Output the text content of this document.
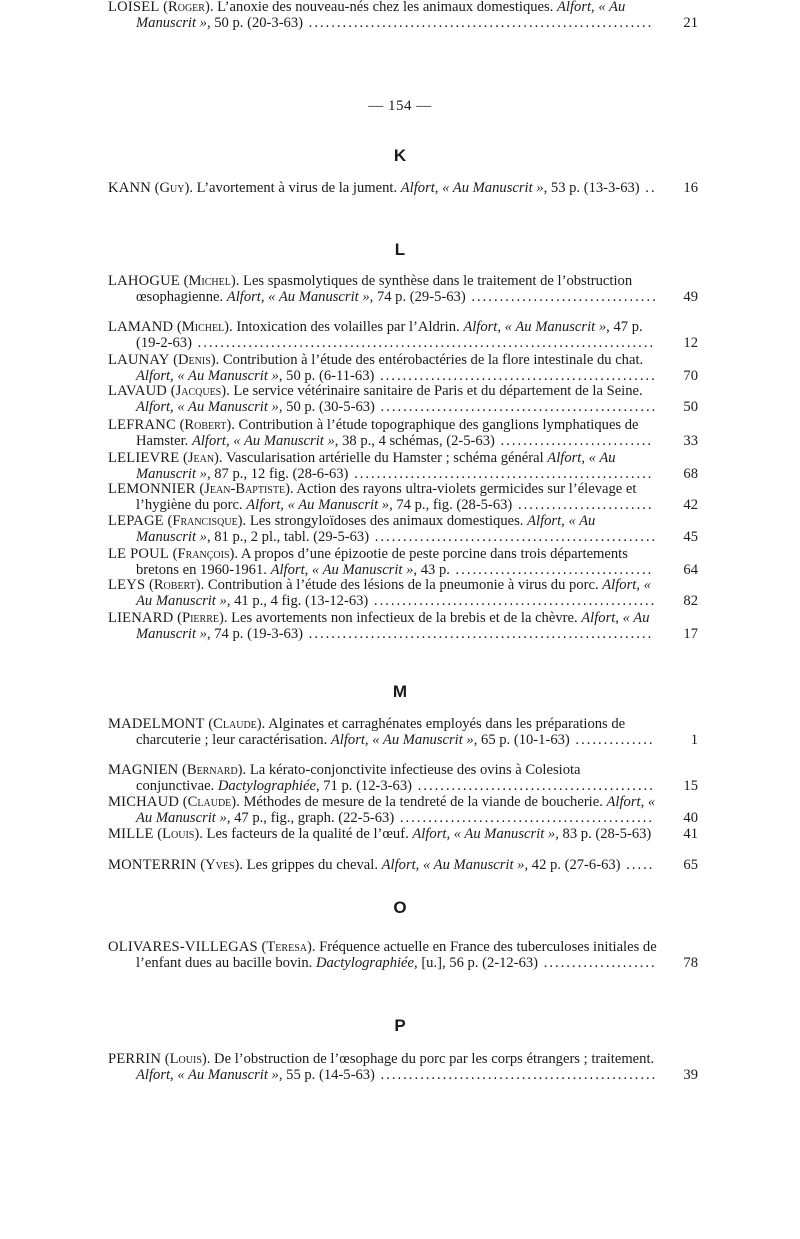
— 154 —
K
KANN (Guy). L’avortement à virus de la jument. Alfort, « Au Manuscrit », 53 p. (13-3-63) ..	16
L
LAHOGUE (Michel). Les spasmolytiques de synthèse dans le traitement de l’obstruction œsophagienne. Alfort, « Au Manuscrit », 74 p. (29-5-63) .................................	49
LAMAND (Michel). Intoxication des volailles par l’Aldrin. Alfort, « Au Manuscrit », 47 p. (19-2-63) .................................................................................	12
LAUNAY (Denis). Contribution à l’étude des entérobactéries de la flore intestinale du chat. Alfort, « Au Manuscrit », 50 p. (6-11-63) .................................................	70
LAVAUD (Jacques). Le service vétérinaire sanitaire de Paris et du département de la Seine. Alfort, « Au Manuscrit », 50 p. (30-5-63) .................................................	50
LEFRANC (Robert). Contribution à l’étude topographique des ganglions lymphatiques de Hamster. Alfort, « Au Manuscrit », 38 p., 4 schémas, (2-5-63) ...........................	33
LELIEVRE (Jean). Vascularisation artérielle du Hamster ; schéma général Alfort, « Au Manuscrit », 87 p., 12 fig. (28-6-63) .....................................................	68
LEMONNIER (Jean-Baptiste). Action des rayons ultra-violets germicides sur l’élevage et l’hygiène du porc. Alfort, « Au Manuscrit », 74 p., fig. (28-5-63) ........................	42
LEPAGE (Francisque). Les strongyloïdoses des animaux domestiques. Alfort, « Au Manuscrit », 81 p., 2 pl., tabl. (29-5-63) ..................................................	45
LE POUL (François). A propos d’une épizootie de peste porcine dans trois départements bretons en 1960-1961. Alfort, « Au Manuscrit », 43 p. ...................................	64
LEYS (Robert). Contribution à l’étude des lésions de la pneumonie à virus du porc. Alfort, « Au Manuscrit », 41 p., 4 fig. (13-12-63) ..................................................	82
LIENARD (Pierre). Les avortements non infectieux de la brebis et de la chèvre. Alfort, « Au Manuscrit », 74 p. (19-3-63) .............................................................	17
LOISEL (Roger). L’anoxie des nouveau-nés chez les animaux domestiques. Alfort, « Au Manuscrit », 50 p. (20-3-63) .............................................................	21
M
MADELMONT (Claude). Alginates et carraghénates employés dans les préparations de charcuterie ; leur caractérisation. Alfort, « Au Manuscrit », 65 p. (10-1-63) ..............	1
MAGNIEN (Bernard). La kérato-conjonctivite infectieuse des ovins à Colesiota conjunctivae. Dactylographiée, 71 p. (12-3-63) ..........................................	15
MICHAUD (Claude). Méthodes de mesure de la tendreté de la viande de boucherie. Alfort, « Au Manuscrit », 47 p., fig., graph. (22-5-63) .............................................	40
MILLE (Louis). Les facteurs de la qualité de l’œuf. Alfort, « Au Manuscrit », 83 p. (28-5-63)	41
MONTERRIN (Yves). Les grippes du cheval. Alfort, « Au Manuscrit », 42 p. (27-6-63) .....	65
O
OLIVARES-VILLEGAS (Teresa). Fréquence actuelle en France des tuberculoses initiales de l’enfant dues au bacille bovin. Dactylographiée, [u.], 56 p. (2-12-63) ....................	78
P
PERRIN (Louis). De l’obstruction de l’œsophage du porc par les corps étrangers ; traitement. Alfort, « Au Manuscrit », 55 p. (14-5-63) .................................................	39
